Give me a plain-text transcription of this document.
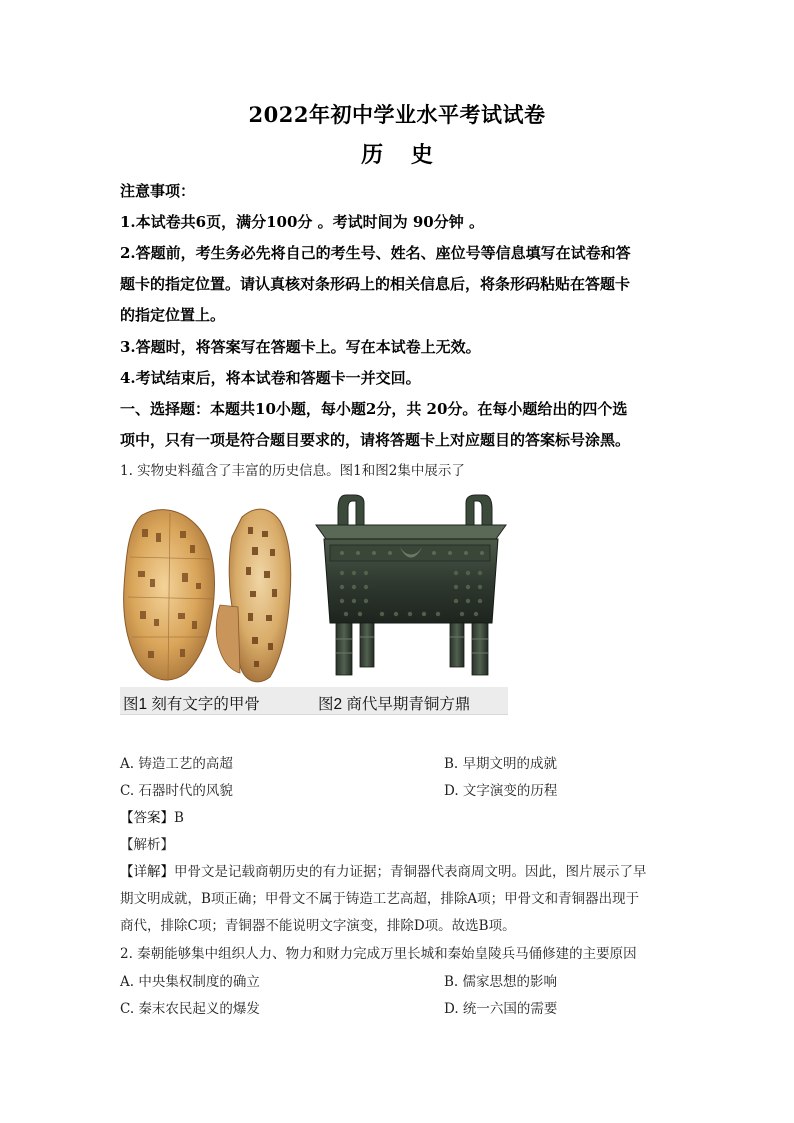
2022年初中学业水平考试试卷
历 史
注意事项：
1.本试卷共6页，满分100分 。考试时间为 90分钟 。
2.答题前，考生务必先将自己的考生号、姓名、座位号等信息填写在试卷和答
题卡的指定位置。请认真核对条形码上的相关信息后，将条形码粘贴在答题卡
的指定位置上。
3.答题时，将答案写在答题卡上。写在本试卷上无效。
4.考试结束后，将本试卷和答题卡一并交回。
一、选择题：本题共10小题，每小题2分，共 20分。在每小题给出的四个选
项中，只有一项是符合题目要求的，请将答题卡上对应题目的答案标号涂黑。
1. 实物史料蕴含了丰富的历史信息。图1和图2集中展示了
图1 刻有文字的甲骨	图2 商代早期青铜方鼎
A. 铸造工艺的高超	B. 早期文明的成就
C. 石器时代的风貌	D. 文字演变的历程
【答案】B
【解析】
【详解】甲骨文是记载商朝历史的有力证据；青铜器代表商周文明。因此，图片展示了早
期文明成就，B项正确；甲骨文不属于铸造工艺高超，排除A项；甲骨文和青铜器出现于
商代，排除C项；青铜器不能说明文字演变，排除D项。故选B项。
2. 秦朝能够集中组织人力、物力和财力完成万里长城和秦始皇陵兵马俑修建的主要原因
A. 中央集权制度的确立	B. 儒家思想的影响
C. 秦末农民起义的爆发	D. 统一六国的需要
